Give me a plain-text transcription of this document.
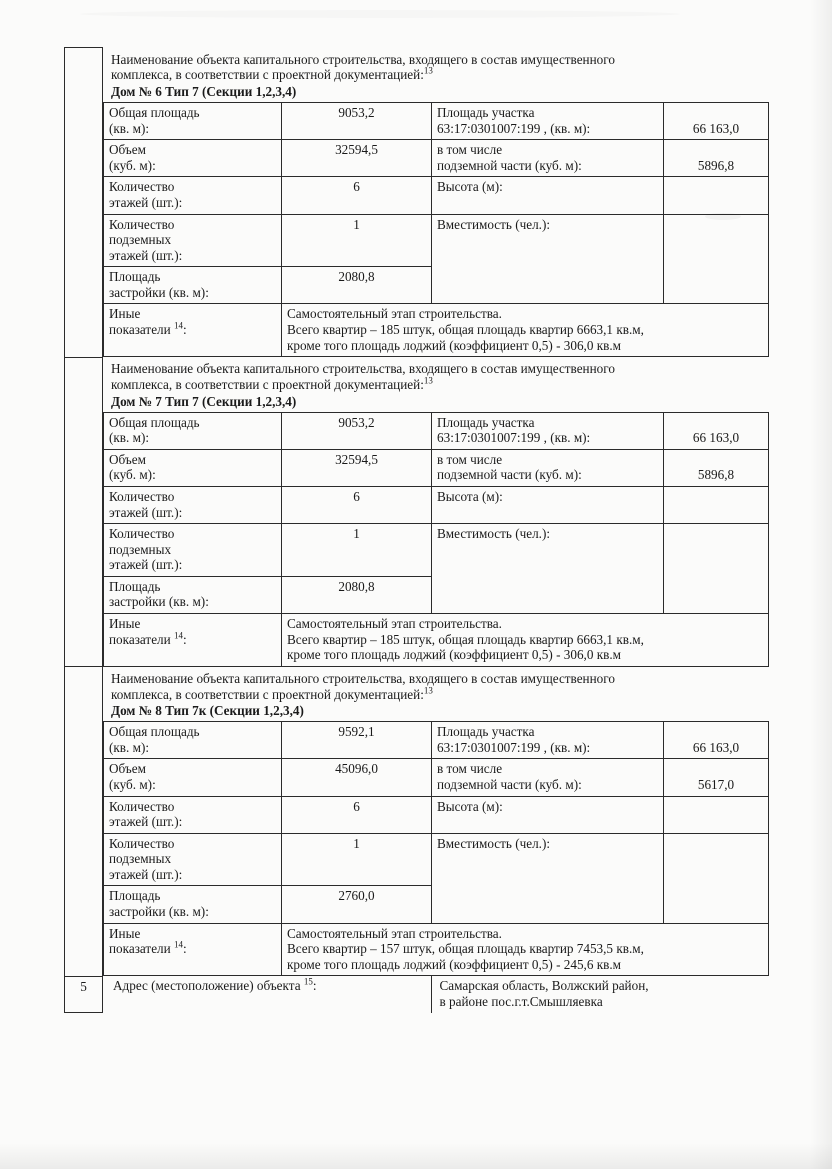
Наименование объекта капитального строительства, входящего в состав имущественного
комплекса, в соответствии с проектной документацией:$^{13}$
Дом № 6 Тип 7 (Секции 1,2,3,4)
Общая площадь
(кв. м):
	9053,2	Площадь участка
63:17:0301007:199 , (кв. м):	66 163,0

Объем
(куб. м):
	32594,5	в том числе
подземной части (куб. м):	5896,8

Количество
этажей (шт.):
	6	Высота (м):

Количество
подземных
этажей (шт.):
	1	Вместимость (чел.):

Площадь
застройки (кв. м):
	2080,8

Иные
показатели $^{14}$:

Самостоятельный этап строительства.
Всего квартир – 185 штук, общая площадь квартир 6663,1 кв.м,
кроме того площадь лоджий (коэффициент 0,5) - 306,0 кв.м

Наименование объекта капитального строительства, входящего в состав имущественного
комплекса, в соответствии с проектной документацией:$^{13}$
Дом № 7 Тип 7 (Секции 1,2,3,4)
Общая площадь
(кв. м):
	9053,2	Площадь участка
63:17:0301007:199 , (кв. м):	66 163,0

Объем
(куб. м):
	32594,5	в том числе
подземной части (куб. м):	5896,8

Количество
этажей (шт.):
	6	Высота (м):

Количество
подземных
этажей (шт.):
	1	Вместимость (чел.):

Площадь
застройки (кв. м):
	2080,8

Иные
показатели $^{14}$:

Самостоятельный этап строительства.
Всего квартир – 185 штук, общая площадь квартир 6663,1 кв.м,
кроме того площадь лоджий (коэффициент 0,5) - 306,0 кв.м

Наименование объекта капитального строительства, входящего в состав имущественного
комплекса, в соответствии с проектной документацией:$^{13}$
Дом № 8 Тип 7к (Секции 1,2,3,4)
Общая площадь
(кв. м):
	9592,1	Площадь участка
63:17:0301007:199 , (кв. м):	66 163,0

Объем
(куб. м):
	45096,0	в том числе
подземной части (куб. м):	5617,0

Количество
этажей (шт.):
	6	Высота (м):

Количество
подземных
этажей (шт.):
	1	Вместимость (чел.):

Площадь
застройки (кв. м):
	2760,0

Иные
показатели $^{14}$:

Самостоятельный этап строительства.
Всего квартир – 157 штук, общая площадь квартир 7453,5 кв.м,
кроме того площадь лоджий (коэффициент 0,5) - 245,6 кв.м

5	Адрес (местоположение) объекта $^{15}$:	Самарская область, Волжский район,
в районе пос.г.т.Смышляевка
